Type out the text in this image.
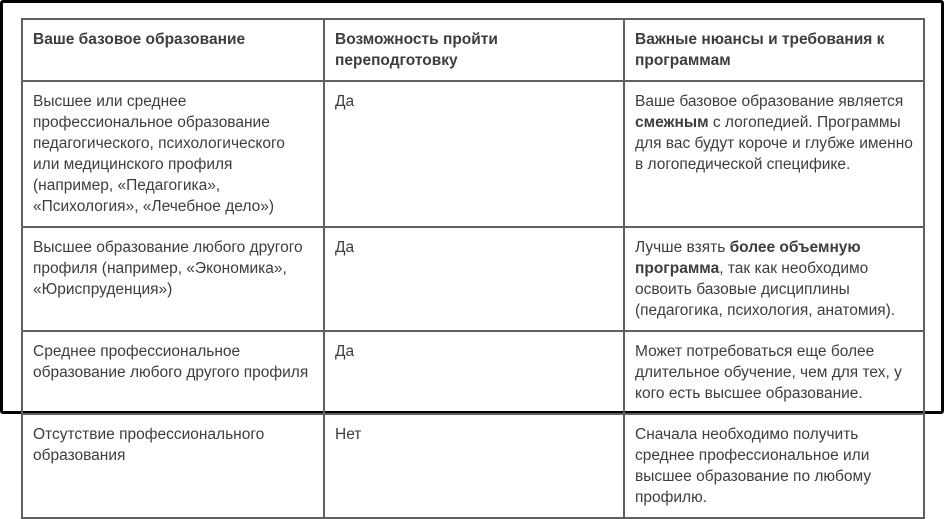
Ваше базовое образование	Возможность пройти переподготовку	Важные нюансы и требования к программам
Высшее или среднее профессиональное образование педагогического, психологического или медицинского профиля (например, «Педагогика», «Психология», «Лечебное дело»)	Да	Ваше базовое образование является смежным с логопедией. Программы для вас будут короче и глубже именно в логопедической специфике.
Высшее образование любого другого профиля (например, «Экономика», «Юриспруденция»)	Да	Лучше взять более объемную программа, так как необходимо освоить базовые дисциплины (педагогика, психология, анатомия).
Среднее профессиональное образование любого другого профиля	Да	Может потребоваться еще более длительное обучение, чем для тех, у кого есть высшее образование.
Отсутствие профессионального образования	Нет	Сначала необходимо получить среднее профессиональное или высшее образование по любому профилю.
